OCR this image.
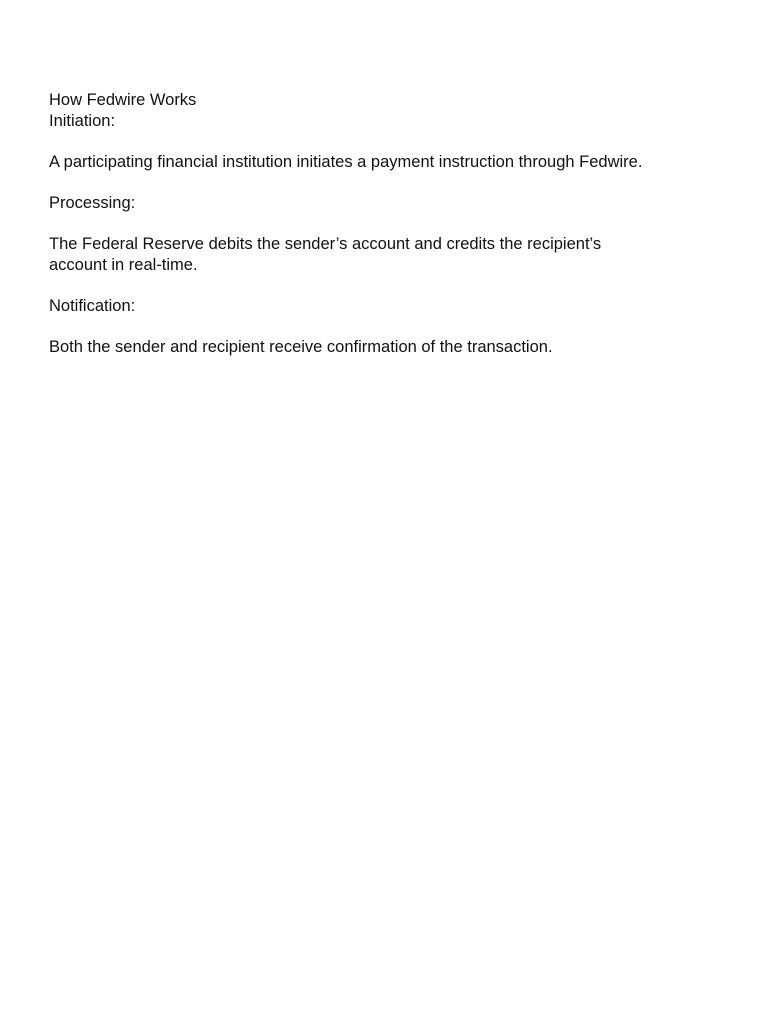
How Fedwire Works

Initiation:

A participating financial institution initiates a payment instruction through Fedwire.

Processing:

The Federal Reserve debits the sender’s account and credits the recipient’s

account in real-time.

Notification:

Both the sender and recipient receive confirmation of the transaction.
